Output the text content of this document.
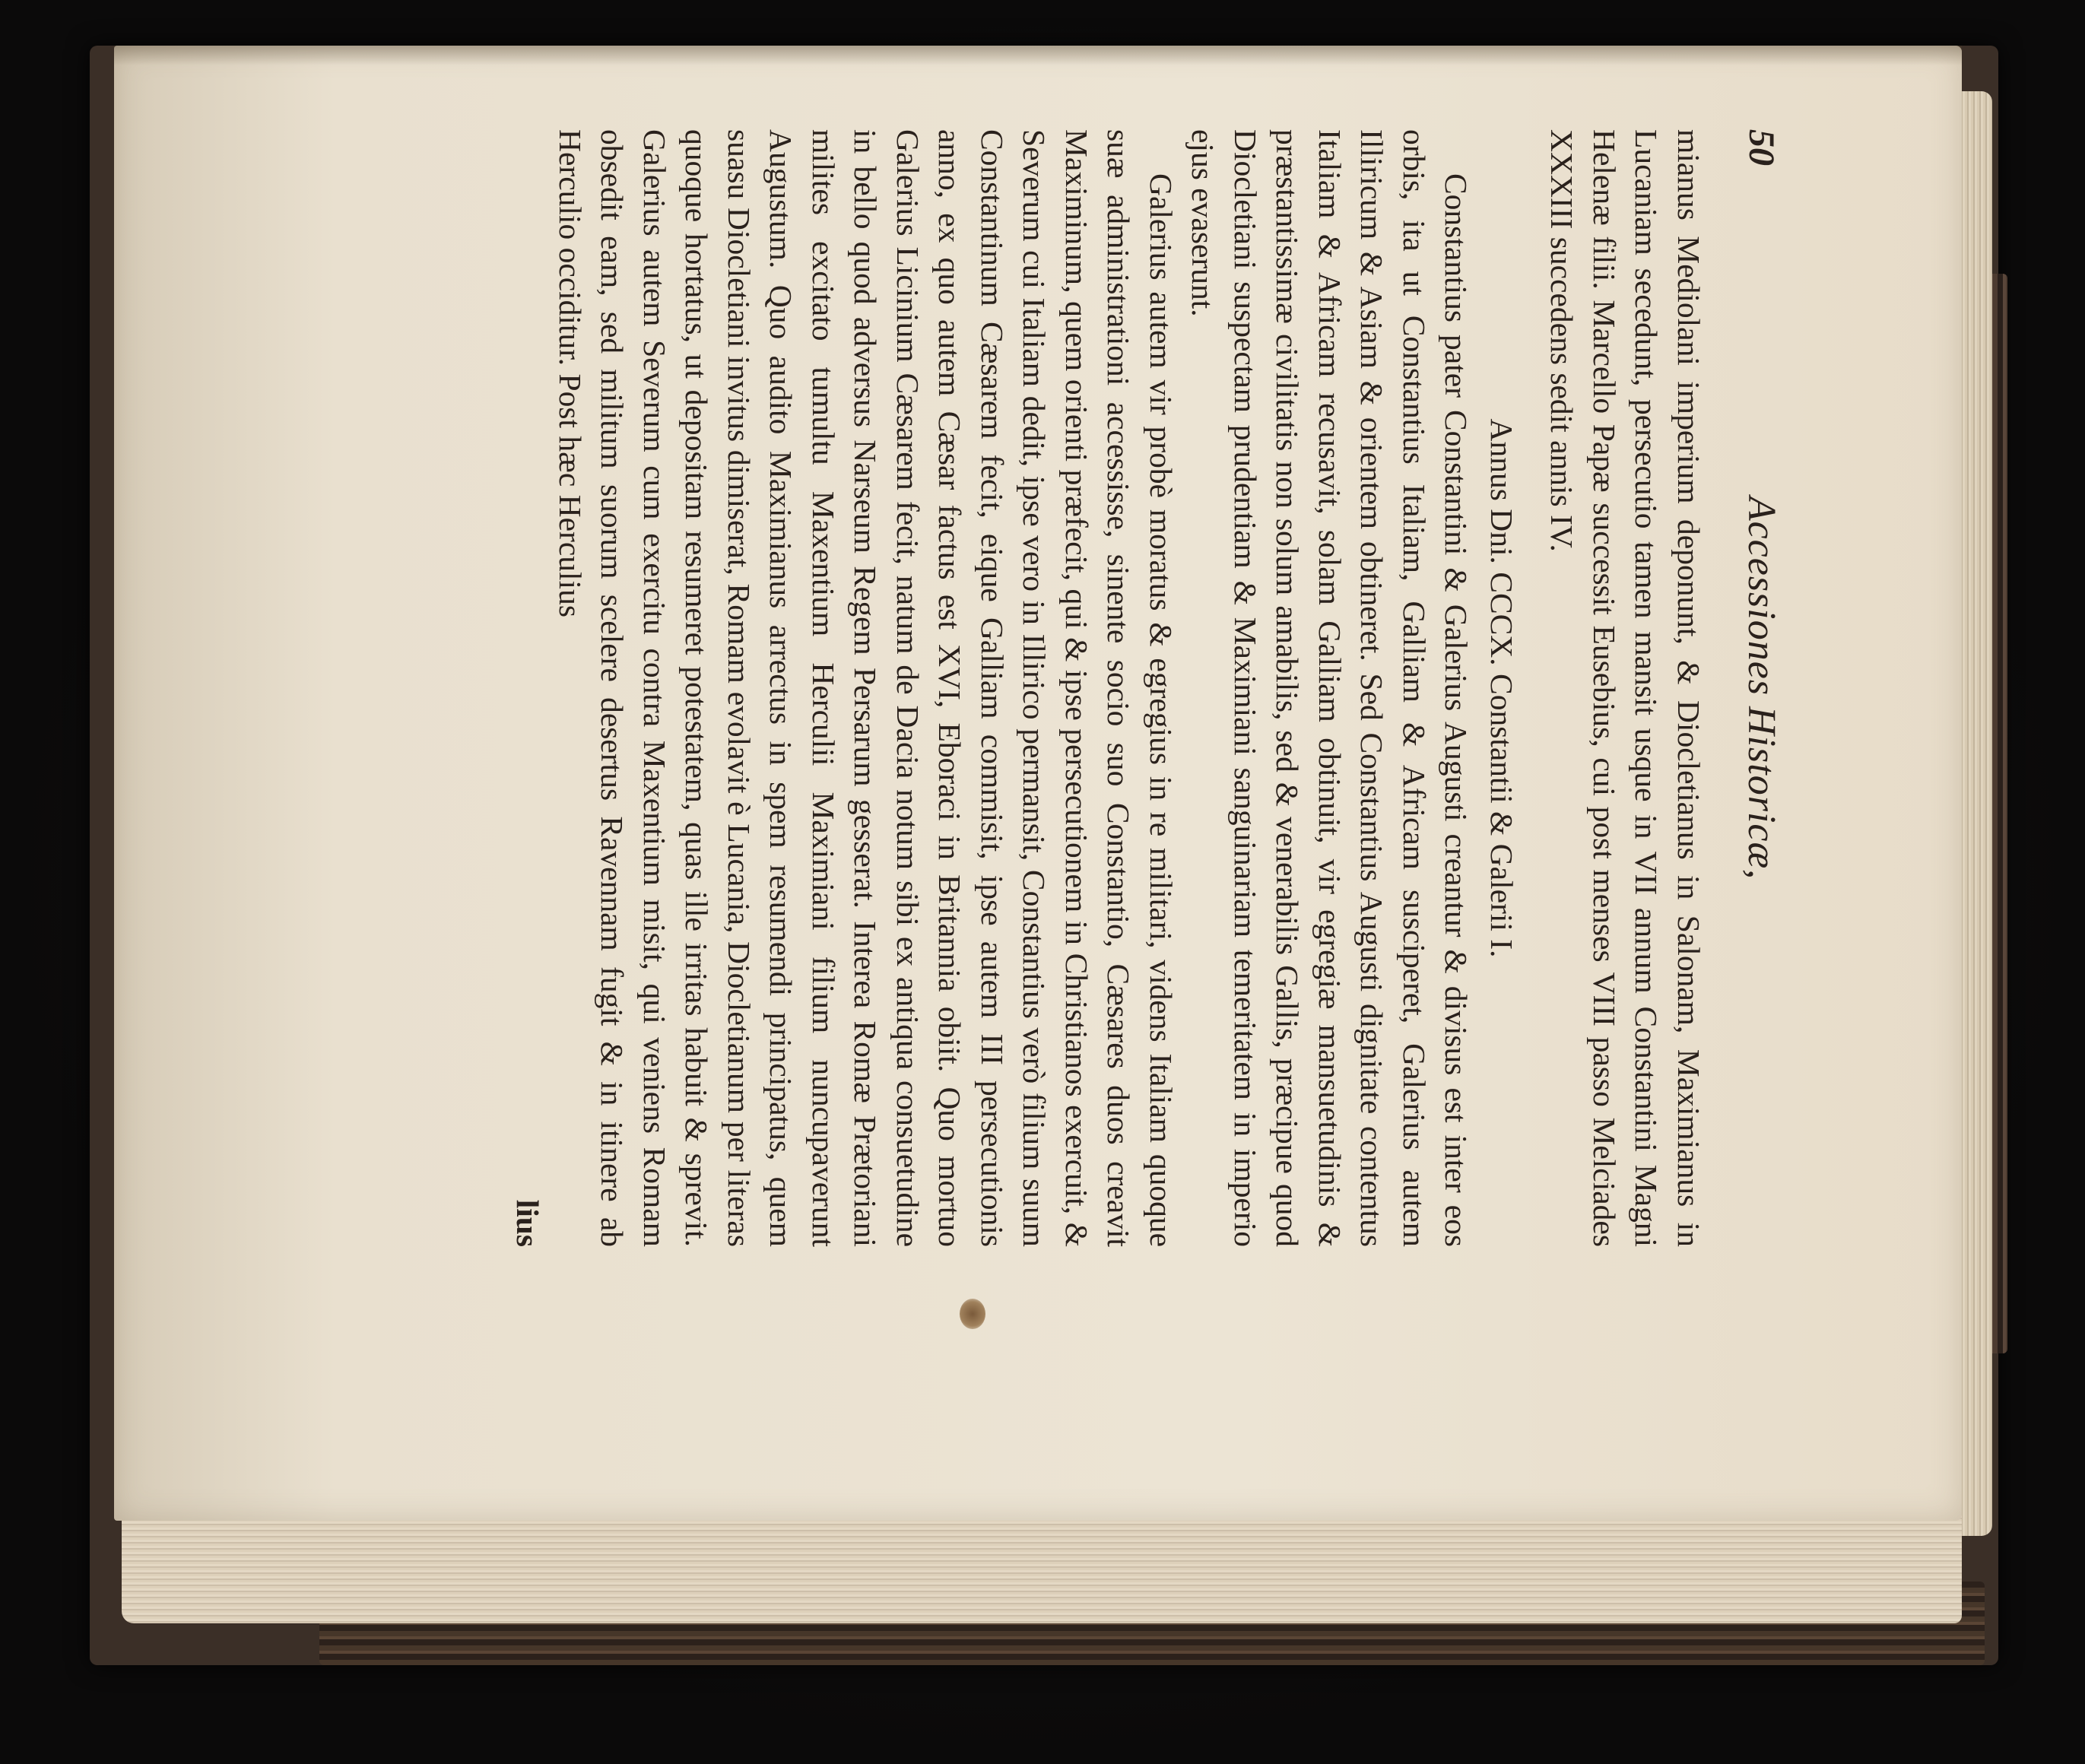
50
Accessiones Historicæ,

mianus Mediolani imperium deponunt, & Diocletianus in Salonam, Maximianus in Lucaniam secedunt, persecutio tamen mansit usque in VII annum Constantini Magni Helenæ filii. Marcello Papæ successit Eusebius, cui post menses VIII passo Melciades XXXIII succedens sedit annis IV.

Annus Dni. CCCX. Constantii & Galerii I.

Constantius pater Constantini & Galerius Augusti creantur & divisus est inter eos orbis, ita ut Constantius Italiam, Galliam & Africam susciperet, Galerius autem Illiricum & Asiam & orientem obtineret. Sed Constantius Augusti dignitate contentus Italiam & Africam recusavit, solam Galliam obtinuit, vir egregiæ mansuetudinis & præstantissimæ civilitatis non solum amabilis, sed & venerabilis Gallis, præcipue quod Diocletiani suspectam prudentiam & Maximiani sanguinariam temeritatem in imperio ejus evaserunt.

Galerius autem vir probè moratus & egregius in re militari, videns Italiam quoque suæ administrationi accessisse, sinente socio suo Constantio, Cæsares duos creavit Maximinum, quem orienti præfecit, qui & ipse persecutionem in Christianos exercuit, & Severum cui Italiam dedit, ipse vero in Illirico permansit, Constantius verò filium suum Constantinum Cæsarem fecit, eique Galliam commisit, ipse autem III persecutionis anno, ex quo autem Cæsar factus est XVI, Eboraci in Britannia obiit. Quo mortuo Galerius Licinium Cæsarem fecit, natum de Dacia notum sibi ex antiqua consuetudine in bello quod adversus Narseum Regem Persarum gesserat. Interea Romæ Prætoriani milites excitato tumultu Maxentium Herculii Maximiani filium nuncupaverunt Augustum. Quo audito Maximianus arrectus in spem resumendi principatus, quem suasu Diocletiani invitus dimiserat, Romam evolavit è Lucania, Diocletianum per literas quoque hortatus, ut depositam resumeret potestatem, quas ille irritas habuit & sprevit. Galerius autem Severum cum exercitu contra Maxentium misit, qui veniens Romam obsedit eam, sed militum suorum scelere desertus Ravennam fugit & in itinere ab Herculio occiditur. Post hæc Herculius

lius
